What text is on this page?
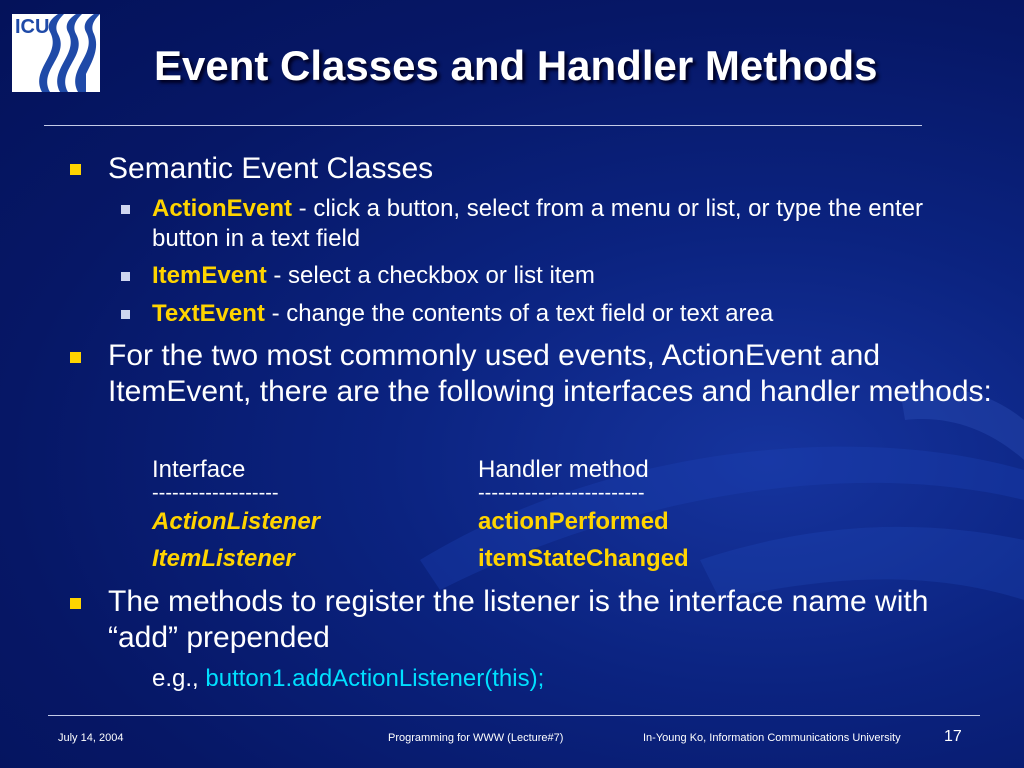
ICU
Event Classes and Handler Methods
Semantic Event Classes
ActionEvent - click a button, select from a menu or list, or type the enter button in a text field
ItemEvent - select a checkbox or list item
TextEvent - change the contents of a text field or text area
For the two most commonly used events, ActionEvent and ItemEvent, there are the following interfaces and handler methods:
Interface	Handler method
-------------------	-------------------------
ActionListener	actionPerformed
ItemListener	itemStateChanged
The methods to register the listener is the interface name with “add” prepended
e.g., button1.addActionListener(this);
July 14, 2004	Programming for WWW (Lecture#7)	In-Young Ko, Information Communications University	17
